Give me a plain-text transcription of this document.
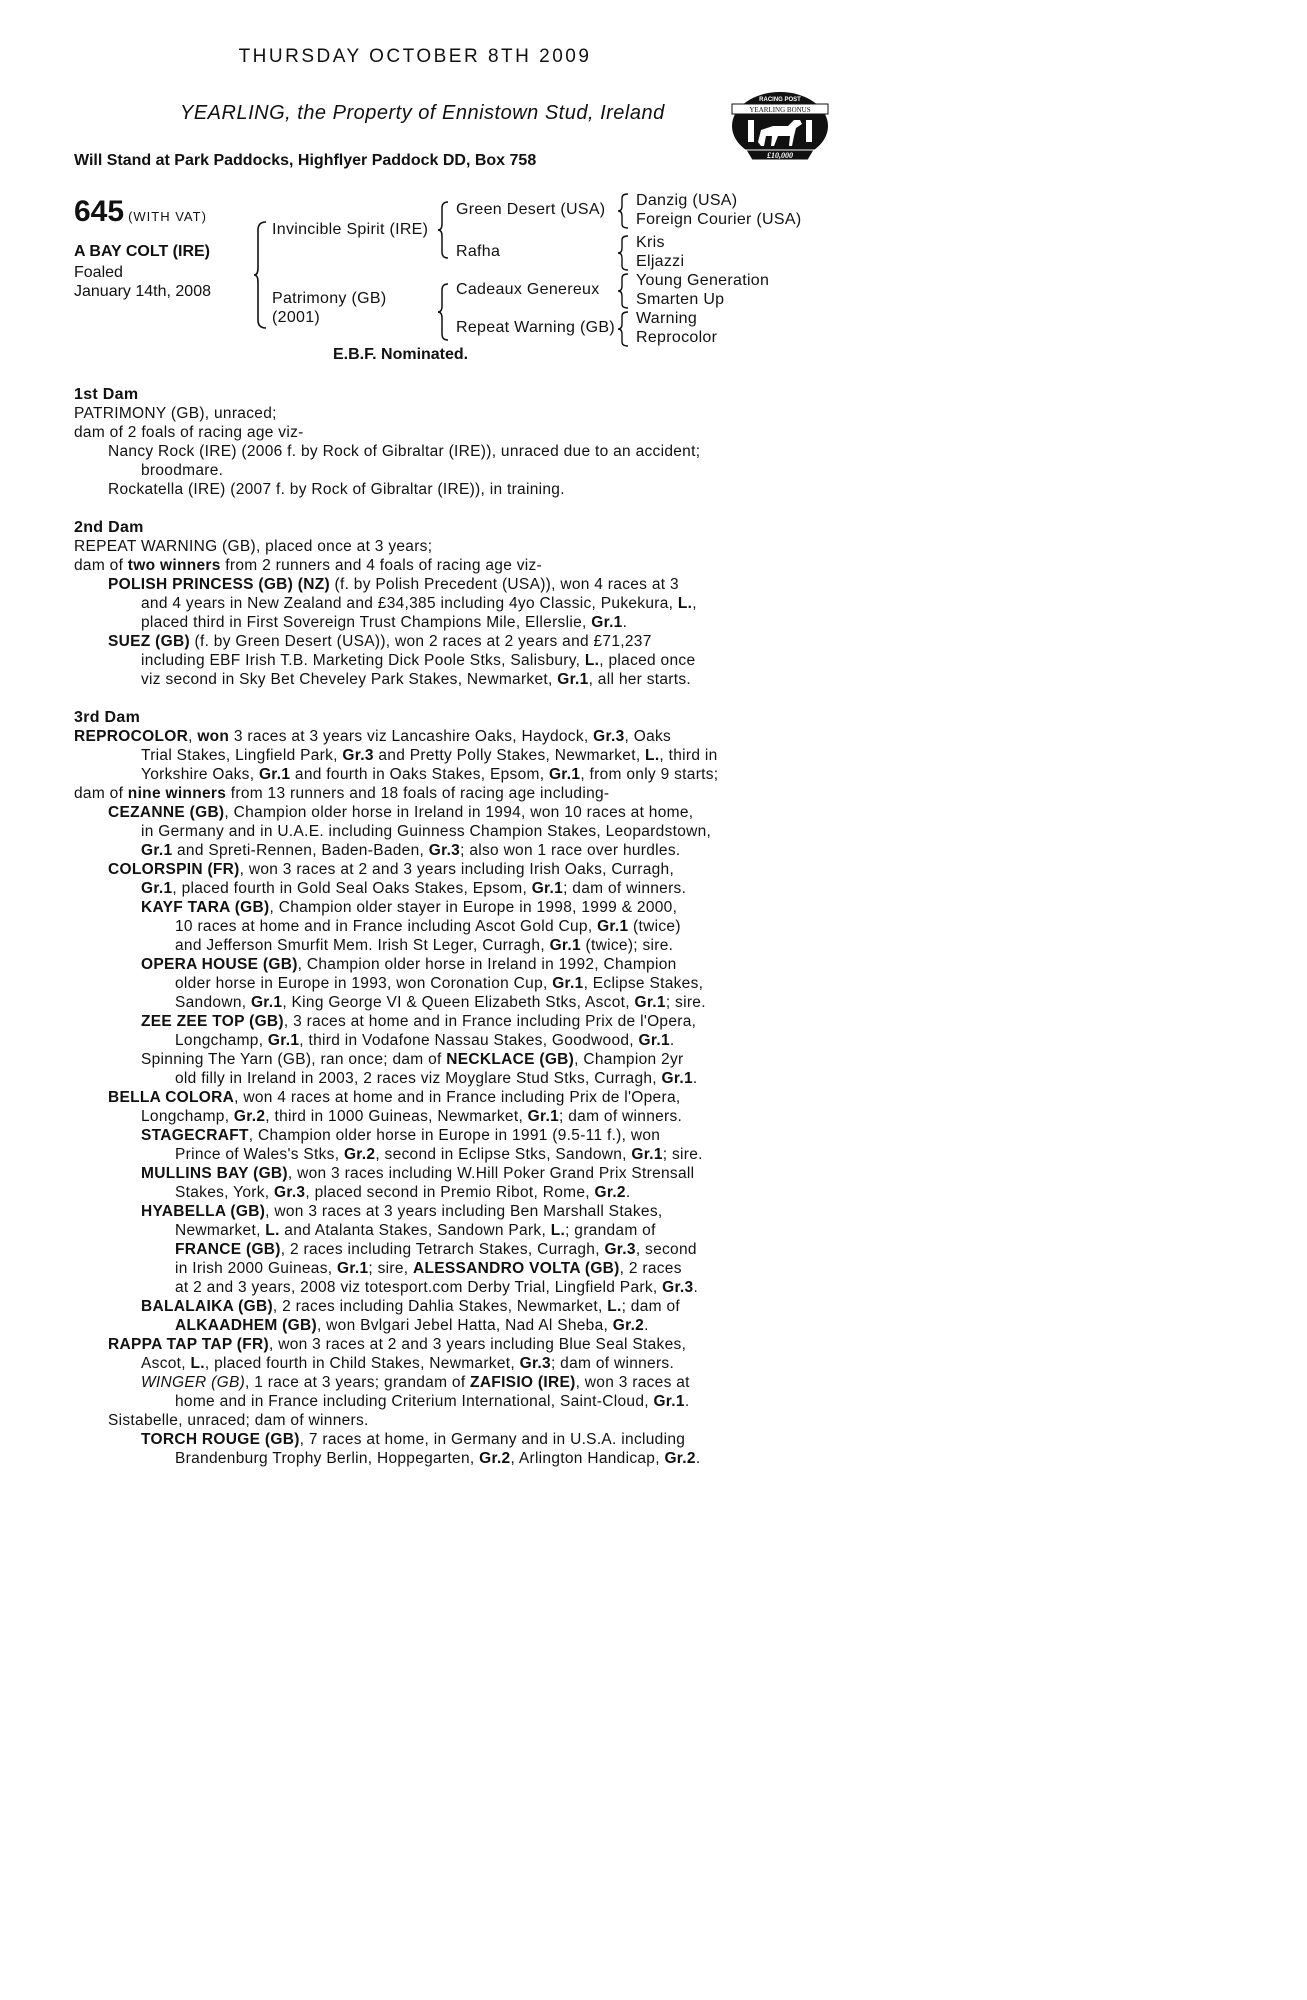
THURSDAY OCTOBER 8TH 2009
YEARLING, the Property of Ennistown Stud, Ireland
Will Stand at Park Paddocks, Highflyer Paddock DD, Box 758
RACING POST
YEARLING BONUS
£10,000
645 (WITH VAT)
A BAY COLT (IRE)
Foaled
January 14th, 2008
Invincible Spirit (IRE)
Patrimony (GB)
(2001)
Green Desert (USA)
Rafha
Cadeaux Genereux
Repeat Warning (GB)
Danzig (USA)
Foreign Courier (USA)
Kris
Eljazzi
Young Generation
Smarten Up
Warning
Reprocolor
E.B.F. Nominated.
1st Dam
PATRIMONY (GB), unraced;
dam of 2 foals of racing age viz-
Nancy Rock (IRE) (2006 f. by Rock of Gibraltar (IRE)), unraced due to an accident;
broodmare.
Rockatella (IRE) (2007 f. by Rock of Gibraltar (IRE)), in training.
2nd Dam
REPEAT WARNING (GB), placed once at 3 years;
dam of two winners from 2 runners and 4 foals of racing age viz-
POLISH PRINCESS (GB) (NZ) (f. by Polish Precedent (USA)), won 4 races at 3
and 4 years in New Zealand and £34,385 including 4yo Classic, Pukekura, L.,
placed third in First Sovereign Trust Champions Mile, Ellerslie, Gr.1.
SUEZ (GB) (f. by Green Desert (USA)), won 2 races at 2 years and £71,237
including EBF Irish T.B. Marketing Dick Poole Stks, Salisbury, L., placed once
viz second in Sky Bet Cheveley Park Stakes, Newmarket, Gr.1, all her starts.
3rd Dam
REPROCOLOR, won 3 races at 3 years viz Lancashire Oaks, Haydock, Gr.3, Oaks
Trial Stakes, Lingfield Park, Gr.3 and Pretty Polly Stakes, Newmarket, L., third in
Yorkshire Oaks, Gr.1 and fourth in Oaks Stakes, Epsom, Gr.1, from only 9 starts;
dam of nine winners from 13 runners and 18 foals of racing age including-
CEZANNE (GB), Champion older horse in Ireland in 1994, won 10 races at home,
in Germany and in U.A.E. including Guinness Champion Stakes, Leopardstown,
Gr.1 and Spreti-Rennen, Baden-Baden, Gr.3; also won 1 race over hurdles.
COLORSPIN (FR), won 3 races at 2 and 3 years including Irish Oaks, Curragh,
Gr.1, placed fourth in Gold Seal Oaks Stakes, Epsom, Gr.1; dam of winners.
KAYF TARA (GB), Champion older stayer in Europe in 1998, 1999 & 2000,
10 races at home and in France including Ascot Gold Cup, Gr.1 (twice)
and Jefferson Smurfit Mem. Irish St Leger, Curragh, Gr.1 (twice); sire.
OPERA HOUSE (GB), Champion older horse in Ireland in 1992, Champion
older horse in Europe in 1993, won Coronation Cup, Gr.1, Eclipse Stakes,
Sandown, Gr.1, King George VI & Queen Elizabeth Stks, Ascot, Gr.1; sire.
ZEE ZEE TOP (GB), 3 races at home and in France including Prix de l'Opera,
Longchamp, Gr.1, third in Vodafone Nassau Stakes, Goodwood, Gr.1.
Spinning The Yarn (GB), ran once; dam of NECKLACE (GB), Champion 2yr
old filly in Ireland in 2003, 2 races viz Moyglare Stud Stks, Curragh, Gr.1.
BELLA COLORA, won 4 races at home and in France including Prix de l'Opera,
Longchamp, Gr.2, third in 1000 Guineas, Newmarket, Gr.1; dam of winners.
STAGECRAFT, Champion older horse in Europe in 1991 (9.5-11 f.), won
Prince of Wales's Stks, Gr.2, second in Eclipse Stks, Sandown, Gr.1; sire.
MULLINS BAY (GB), won 3 races including W.Hill Poker Grand Prix Strensall
Stakes, York, Gr.3, placed second in Premio Ribot, Rome, Gr.2.
HYABELLA (GB), won 3 races at 3 years including Ben Marshall Stakes,
Newmarket, L. and Atalanta Stakes, Sandown Park, L.; grandam of
FRANCE (GB), 2 races including Tetrarch Stakes, Curragh, Gr.3, second
in Irish 2000 Guineas, Gr.1; sire, ALESSANDRO VOLTA (GB), 2 races
at 2 and 3 years, 2008 viz totesport.com Derby Trial, Lingfield Park, Gr.3.
BALALAIKA (GB), 2 races including Dahlia Stakes, Newmarket, L.; dam of
ALKAADHEM (GB), won Bvlgari Jebel Hatta, Nad Al Sheba, Gr.2.
RAPPA TAP TAP (FR), won 3 races at 2 and 3 years including Blue Seal Stakes,
Ascot, L., placed fourth in Child Stakes, Newmarket, Gr.3; dam of winners.
WINGER (GB), 1 race at 3 years; grandam of ZAFISIO (IRE), won 3 races at
home and in France including Criterium International, Saint-Cloud, Gr.1.
Sistabelle, unraced; dam of winners.
TORCH ROUGE (GB), 7 races at home, in Germany and in U.S.A. including
Brandenburg Trophy Berlin, Hoppegarten, Gr.2, Arlington Handicap, Gr.2.
